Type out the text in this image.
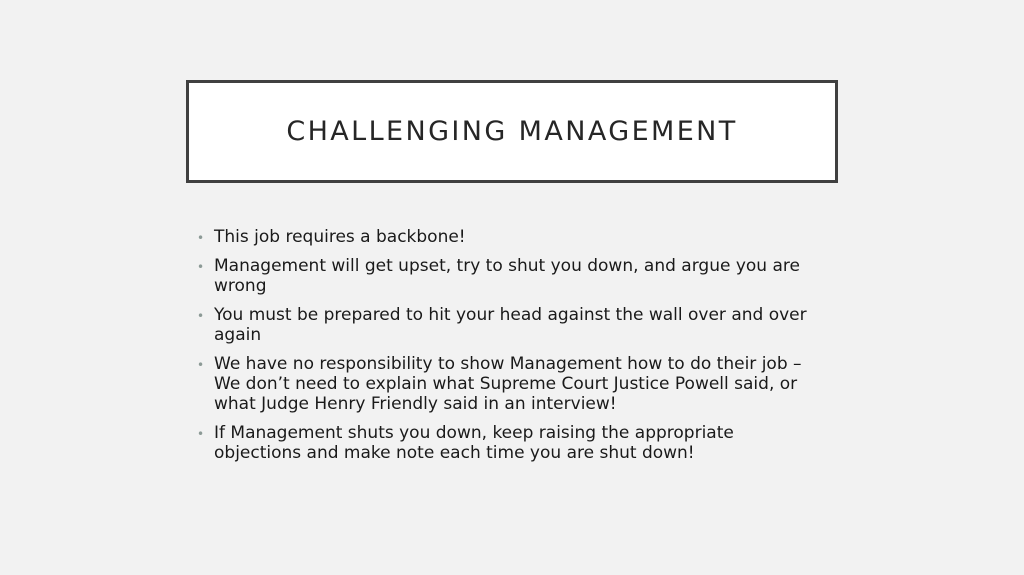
CHALLENGING MANAGEMENT
• This job requires a backbone!
• Management will get upset, try to shut you down, and argue you are wrong
• You must be prepared to hit your head against the wall over and over again
• We have no responsibility to show Management how to do their job – We don’t need to explain what Supreme Court Justice Powell said, or what Judge Henry Friendly said in an interview!
• If Management shuts you down, keep raising the appropriate objections and make note each time you are shut down!
